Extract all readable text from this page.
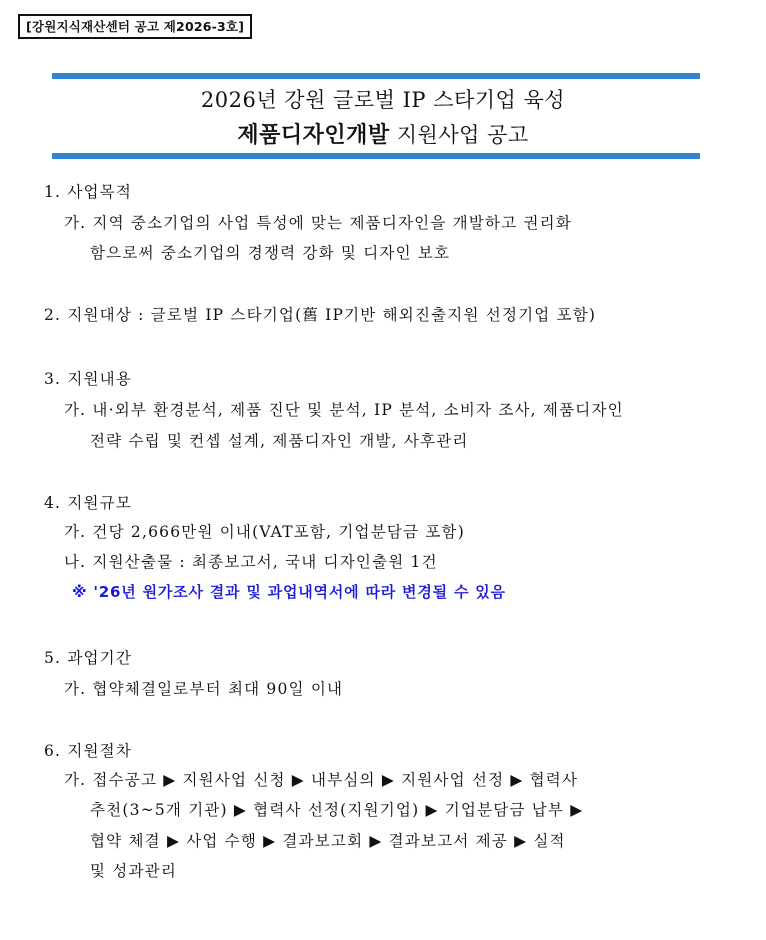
[강원지식재산센터 공고 제2026-3호]
2026년 강원 글로벌 IP 스타기업 육성
제품디자인개발 지원사업 공고
1. 사업목적
가. 지역 중소기업의 사업 특성에 맞는 제품디자인을 개발하고 권리화
함으로써 중소기업의 경쟁력 강화 및 디자인 보호
2. 지원대상 : 글로벌 IP 스타기업(舊 IP기반 해외진출지원 선정기업 포함)
3. 지원내용
가. 내·외부 환경분석, 제품 진단 및 분석, IP 분석, 소비자 조사, 제품디자인
전략 수립 및 컨셉 설계, 제품디자인 개발, 사후관리
4. 지원규모
가. 건당 2,666만원 이내(VAT포함, 기업분담금 포함)
나. 지원산출물 : 최종보고서, 국내 디자인출원 1건
※ '26년 원가조사 결과 및 과업내역서에 따라 변경될 수 있음
5. 과업기간
가. 협약체결일로부터 최대 90일 이내
6. 지원절차
가. 접수공고 ▶ 지원사업 신청 ▶ 내부심의 ▶ 지원사업 선정 ▶ 협력사
추천(3~5개 기관) ▶ 협력사 선정(지원기업) ▶ 기업분담금 납부 ▶
협약 체결 ▶ 사업 수행 ▶ 결과보고회 ▶ 결과보고서 제공 ▶ 실적
및 성과관리
